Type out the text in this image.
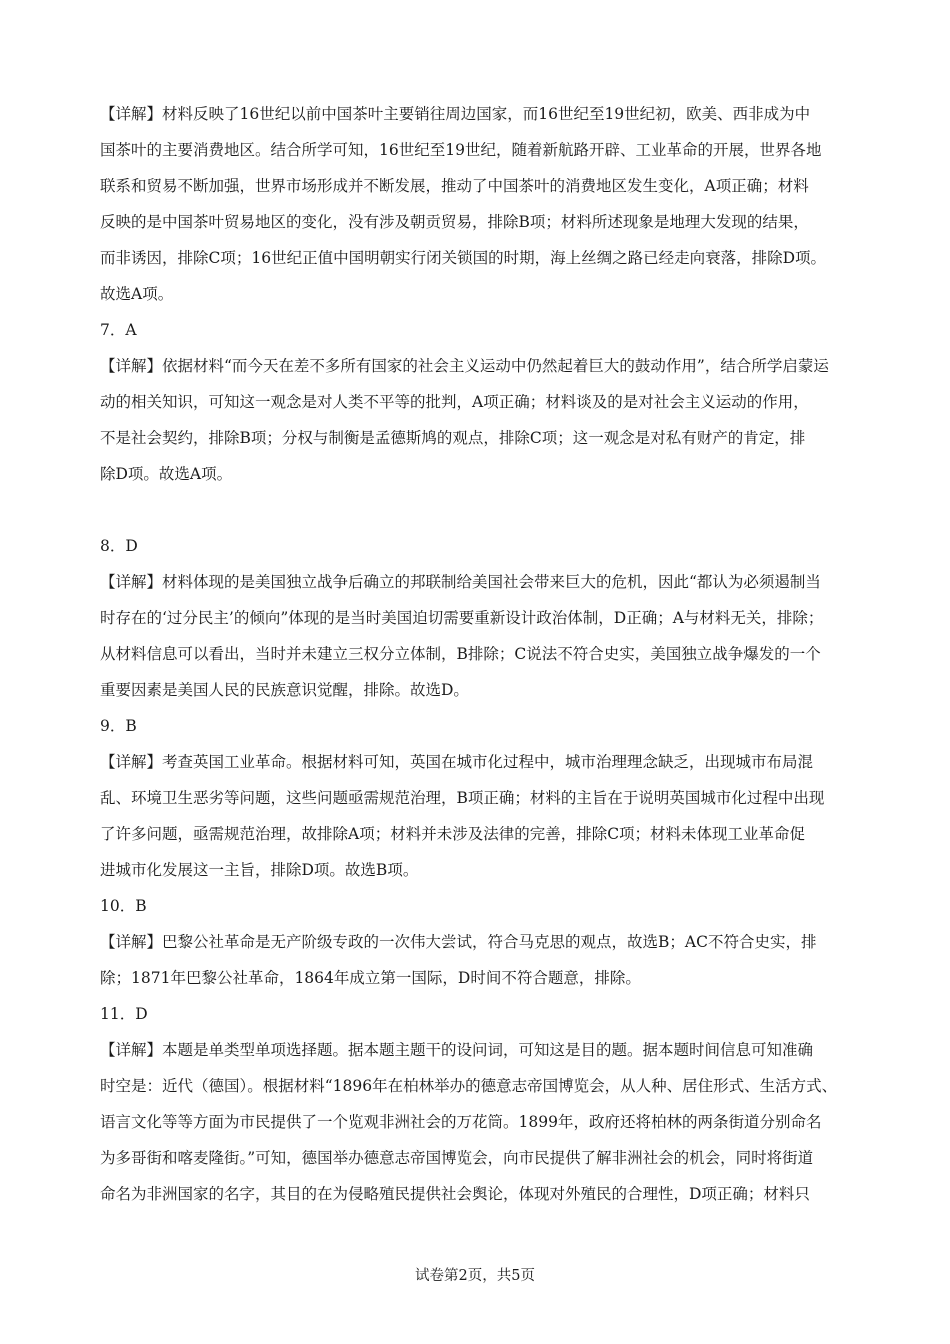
【详解】材料反映了16世纪以前中国茶叶主要销往周边国家，而16世纪至19世纪初，欧美、西非成为中
国茶叶的主要消费地区。结合所学可知，16世纪至19世纪，随着新航路开辟、工业革命的开展，世界各地
联系和贸易不断加强，世界市场形成并不断发展，推动了中国茶叶的消费地区发生变化，A项正确；材料
反映的是中国茶叶贸易地区的变化，没有涉及朝贡贸易，排除B项；材料所述现象是地理大发现的结果，
而非诱因，排除C项；16世纪正值中国明朝实行闭关锁国的时期，海上丝绸之路已经走向衰落，排除D项。
故选A项。
7．A
【详解】依据材料“而今天在差不多所有国家的社会主义运动中仍然起着巨大的鼓动作用”，结合所学启蒙运
动的相关知识，可知这一观念是对人类不平等的批判，A项正确；材料谈及的是对社会主义运动的作用，
不是社会契约，排除B项；分权与制衡是孟德斯鸠的观点，排除C项；这一观念是对私有财产的肯定，排
除D项。故选A项。
8．D
【详解】材料体现的是美国独立战争后确立的邦联制给美国社会带来巨大的危机，因此“都认为必须遏制当
时存在的‘过分民主’的倾向”体现的是当时美国迫切需要重新设计政治体制，D正确；A与材料无关，排除；
从材料信息可以看出，当时并未建立三权分立体制，B排除；C说法不符合史实，美国独立战争爆发的一个
重要因素是美国人民的民族意识觉醒，排除。故选D。
9．B
【详解】考查英国工业革命。根据材料可知，英国在城市化过程中，城市治理理念缺乏，出现城市布局混
乱、环境卫生恶劣等问题，这些问题亟需规范治理，B项正确；材料的主旨在于说明英国城市化过程中出现
了许多问题，亟需规范治理，故排除A项；材料并未涉及法律的完善，排除C项；材料未体现工业革命促
进城市化发展这一主旨，排除D项。故选B项。
10．B
【详解】巴黎公社革命是无产阶级专政的一次伟大尝试，符合马克思的观点，故选B；AC不符合史实，排
除；1871年巴黎公社革命，1864年成立第一国际，D时间不符合题意，排除。
11．D
【详解】本题是单类型单项选择题。据本题主题干的设问词，可知这是目的题。据本题时间信息可知准确
时空是：近代（德国）。根据材料“1896年在柏林举办的德意志帝国博览会，从人种、居住形式、生活方式、
语言文化等等方面为市民提供了一个览观非洲社会的万花筒。1899年，政府还将柏林的两条街道分别命名
为多哥街和喀麦隆街。”可知，德国举办德意志帝国博览会，向市民提供了解非洲社会的机会，同时将街道
命名为非洲国家的名字，其目的在为侵略殖民提供社会舆论，体现对外殖民的合理性，D项正确；材料只
试卷第2页，共5页
